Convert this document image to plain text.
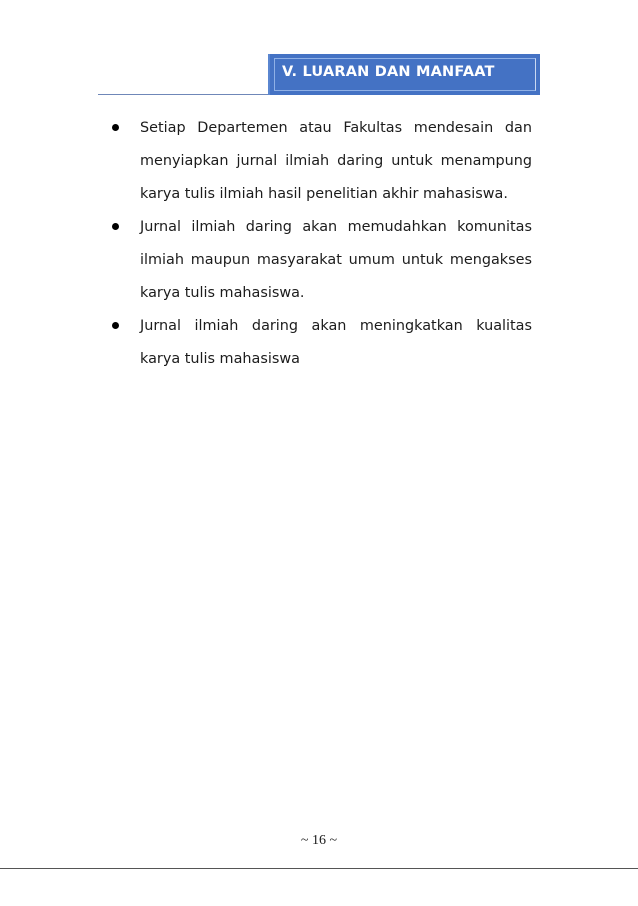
V. LUARAN DAN MANFAAT
Setiap Departemen atau Fakultas mendesain dan menyiapkan jurnal ilmiah daring untuk menampung karya tulis ilmiah hasil penelitian akhir mahasiswa.
Jurnal ilmiah daring akan memudahkan komunitas ilmiah maupun masyarakat umum untuk mengakses karya tulis mahasiswa.
Jurnal ilmiah daring akan meningkatkan kualitas karya tulis mahasiswa
~ 16 ~
